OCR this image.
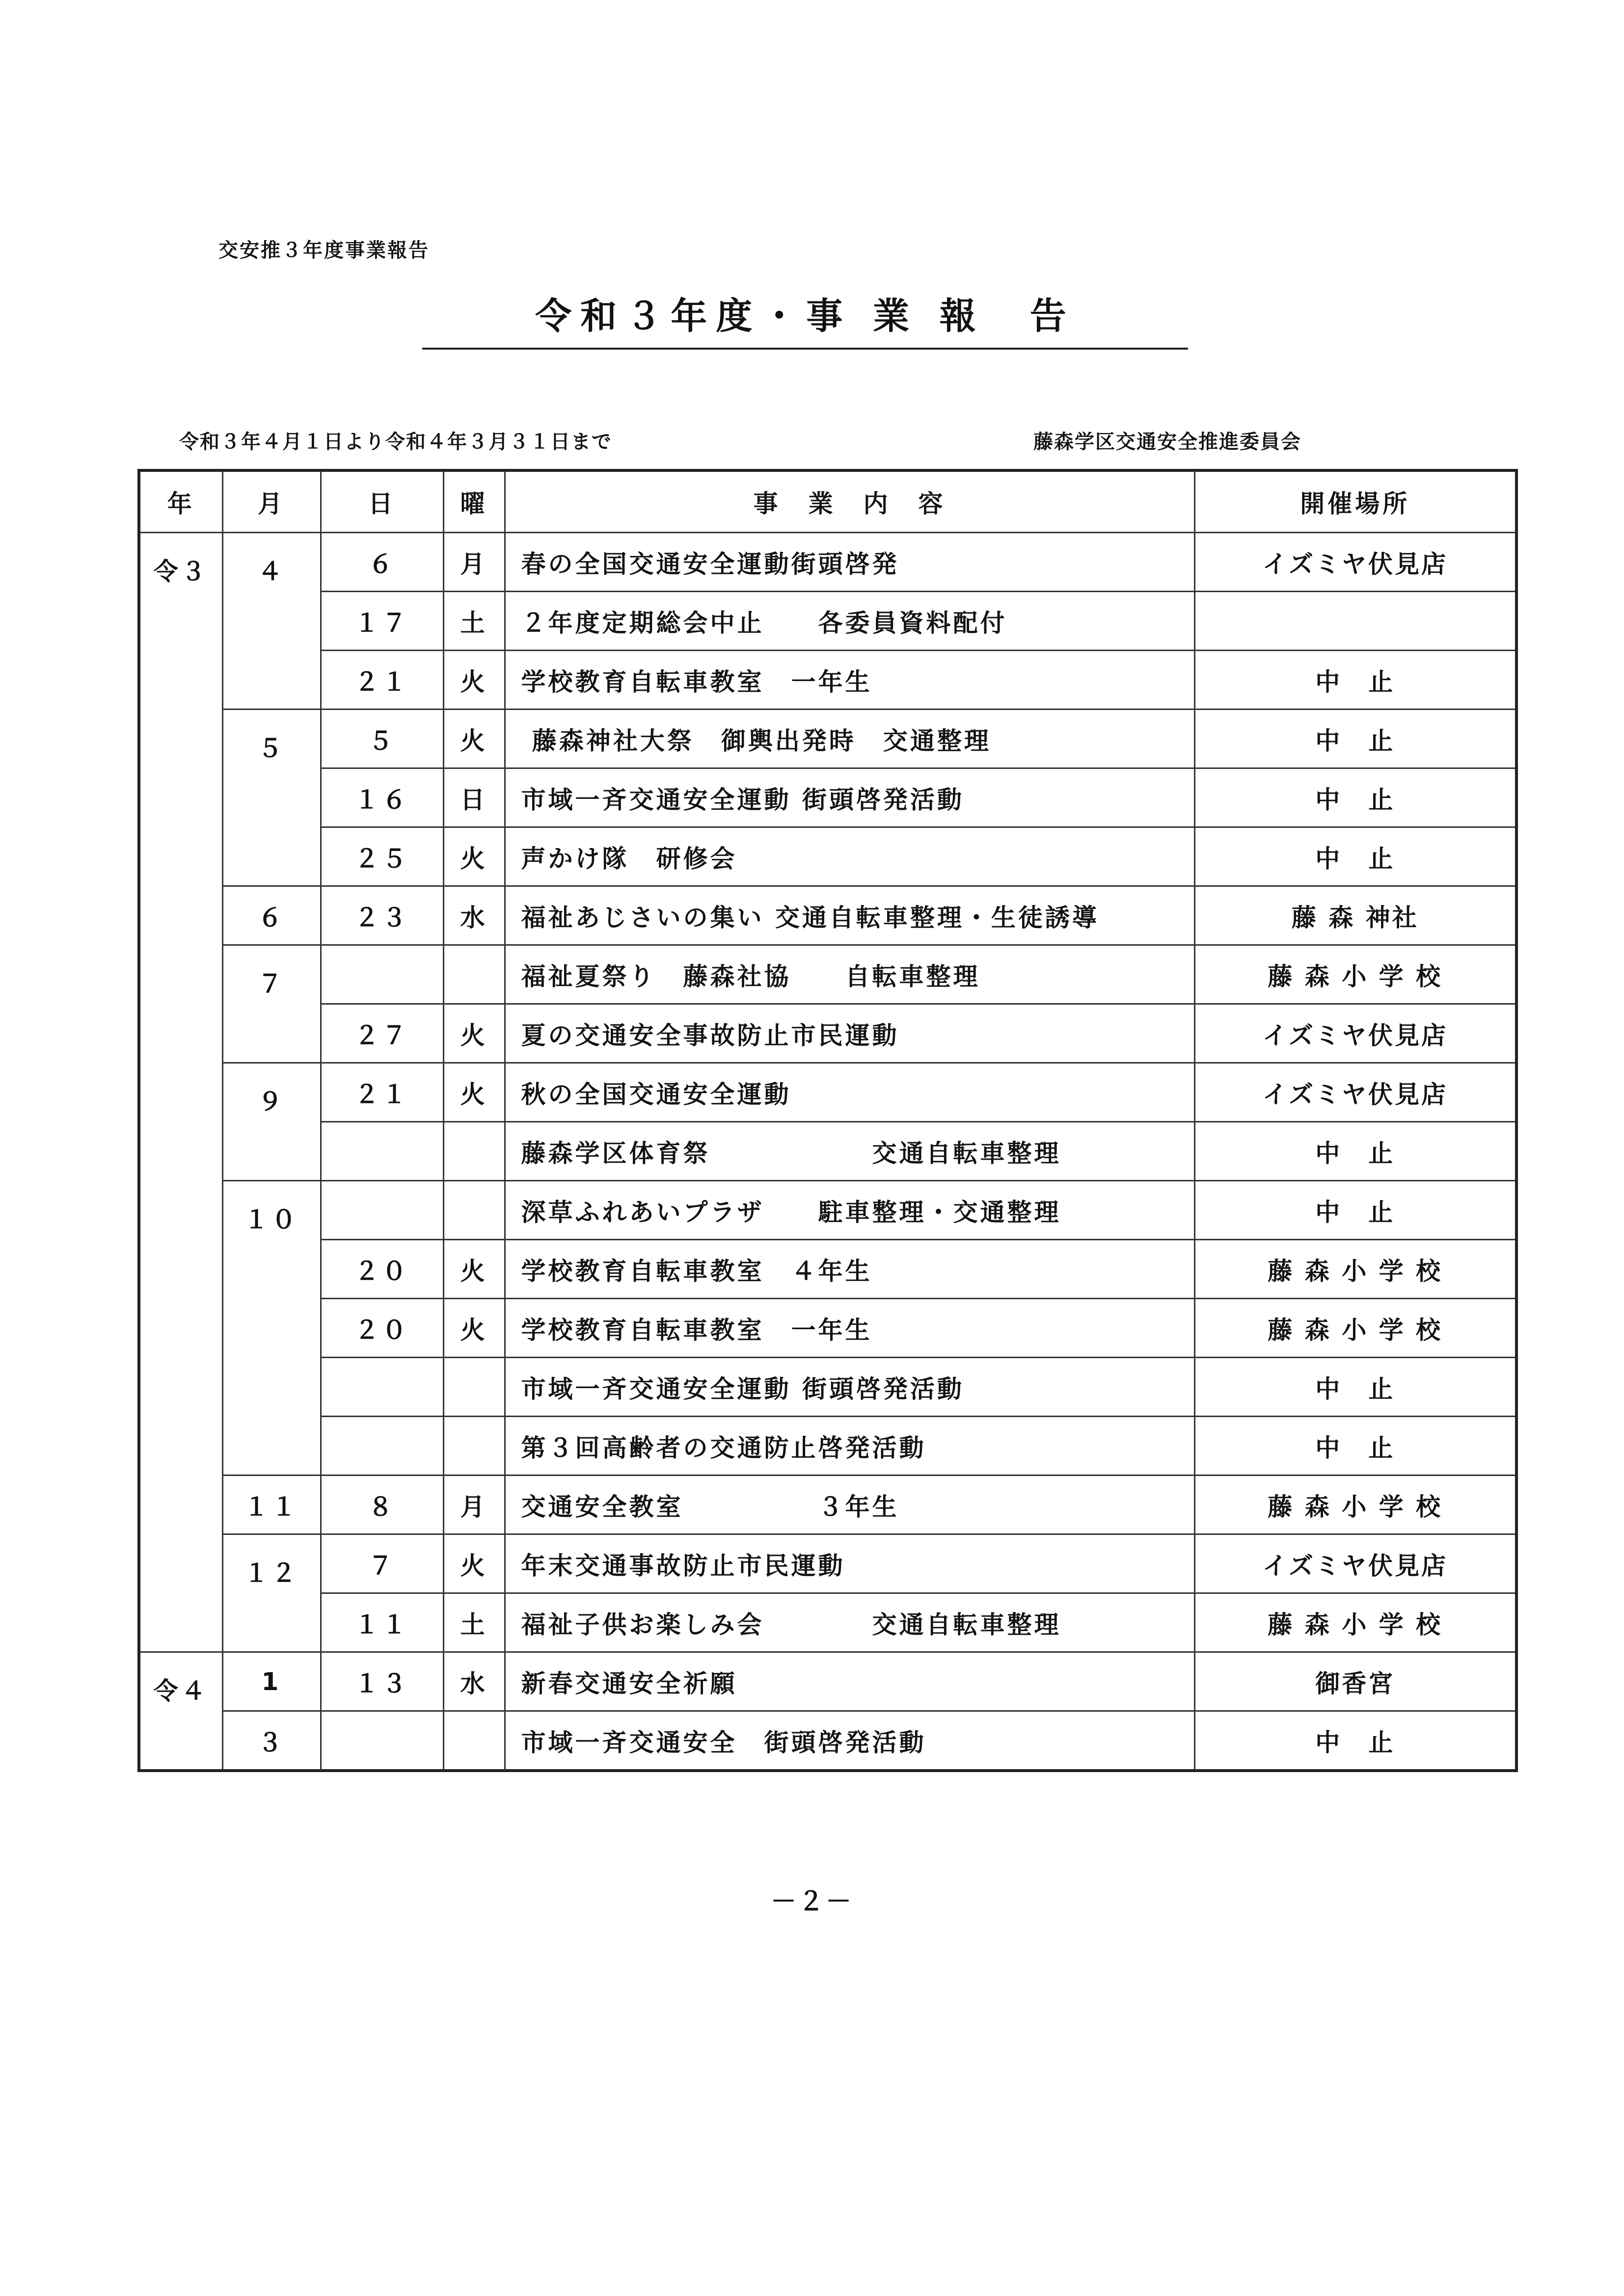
交安推３年度事業報告
令和３年度・事 業 報　告
令和３年４月１日より令和４年３月３１日まで	藤森学区交通安全推進委員会
年	月	日	曜	事　業　内　容	開催場所
令３	４	６	月	春の全国交通安全運動街頭啓発	イズミヤ伏見店
		１７	土	２年度定期総会中止　　各委員資料配付	
		２１	火	学校教育自転車教室　一年生	中　止
	５	５	火	藤森神社大祭　御輿出発時　交通整理	中　止
		１６	日	市域一斉交通安全運動 街頭啓発活動	中　止
		２５	火	声かけ隊　研修会	中　止
	６	２３	水	福祉あじさいの集い 交通自転車整理・生徒誘導	藤 森 神社
	７			福祉夏祭り　藤森社協　　自転車整理	藤 森 小 学 校
		２７	火	夏の交通安全事故防止市民運動	イズミヤ伏見店
	９	２１	火	秋の全国交通安全運動	イズミヤ伏見店
				藤森学区体育祭　　　　　　交通自転車整理	中　止
	１０			深草ふれあいプラザ　　駐車整理・交通整理	中　止
		２０	火	学校教育自転車教室　４年生	藤 森 小 学 校
		２０	火	学校教育自転車教室　一年生	藤 森 小 学 校
				市域一斉交通安全運動 街頭啓発活動	中　止
				第３回高齢者の交通防止啓発活動	中　止
	１１	８	月	交通安全教室　　　　　３年生	藤 森 小 学 校
	１２	７	火	年末交通事故防止市民運動	イズミヤ伏見店
		１１	土	福祉子供お楽しみ会　　　　交通自転車整理	藤 森 小 学 校
令４	1	１３	水	新春交通安全祈願	御香宮
	３			市域一斉交通安全　街頭啓発活動	中　止
－２－
